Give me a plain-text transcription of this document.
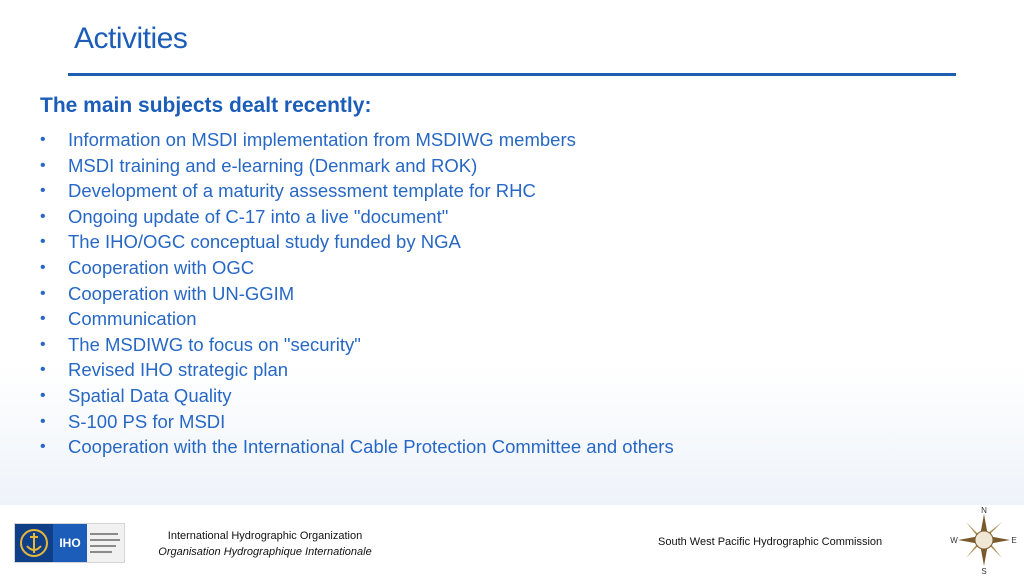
Activities
The main subjects dealt recently:
• Information on MSDI implementation from MSDIWG members
• MSDI training and e-learning (Denmark and ROK)
• Development of a maturity assessment template for RHC
• Ongoing update of C-17 into a live "document"
• The IHO/OGC conceptual study funded by NGA
• Cooperation with OGC
• Cooperation with UN-GGIM
• Communication
• The MSDIWG to focus on "security"
• Revised IHO strategic plan
• Spatial Data Quality
• S-100 PS for MSDI
• Cooperation with the International Cable Protection Committee and others
IHO	International Hydrographic Organization
Organisation Hydrographique Internationale
South West Pacific Hydrographic Commission
N
E
S
W
